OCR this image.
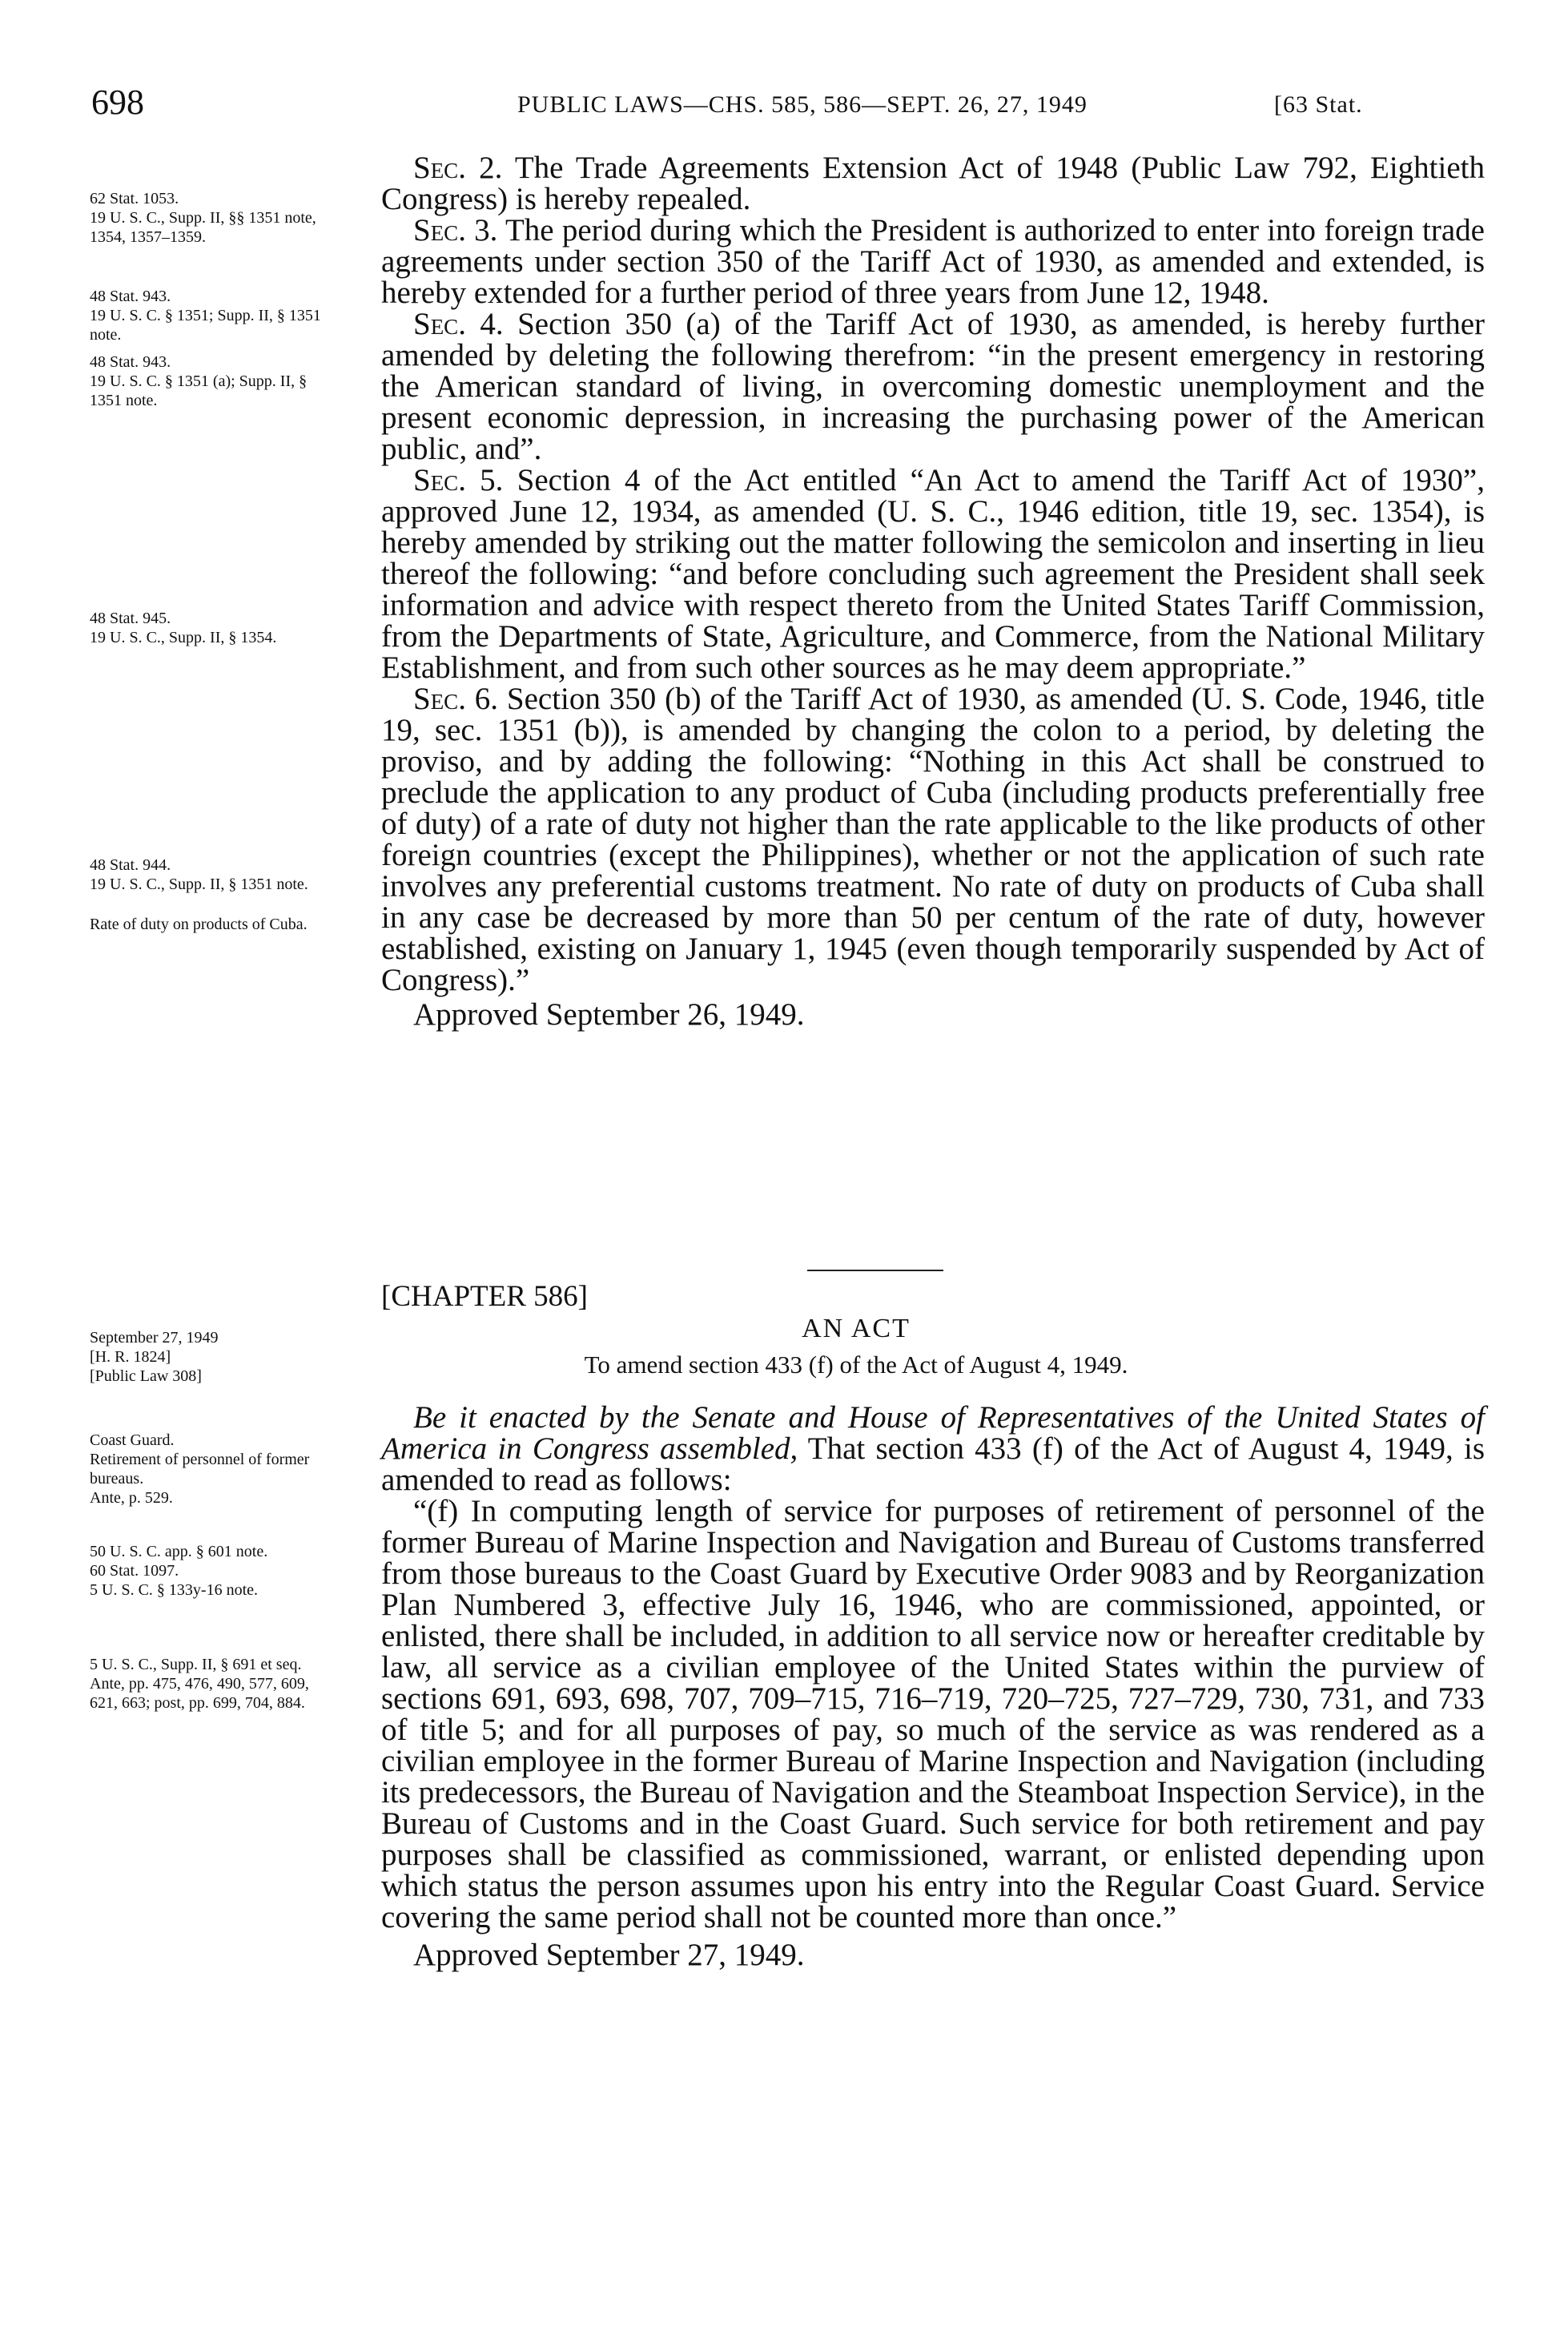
698	PUBLIC LAWS—CHS. 585, 586—SEPT. 26, 27, 1949	[63 Stat.
62 Stat. 1053.
19 U. S. C., Supp. II, §§ 1351 note, 1354, 1357–1359.
48 Stat. 943.
19 U. S. C. § 1351; Supp. II, § 1351 note.
48 Stat. 943.
19 U. S. C. § 1351 (a); Supp. II, § 1351 note.
48 Stat. 945.
19 U. S. C., Supp. II, § 1354.
48 Stat. 944.
19 U. S. C., Supp. II, § 1351 note.
Rate of duty on products of Cuba.
September 27, 1949
[H. R. 1824]
[Public Law 308]
Coast Guard.
Retirement of personnel of former bureaus.
Ante, p. 529.
50 U. S. C. app. § 601 note.
60 Stat. 1097.
5 U. S. C. § 133y-16 note.
5 U. S. C., Supp. II, § 691 et seq.
Ante, pp. 475, 476, 490, 577, 609, 621, 663; post, pp. 699, 704, 884.

Sec. 2. The Trade Agreements Extension Act of 1948 (Public Law 792, Eightieth Congress) is hereby repealed.

Sec. 3. The period during which the President is authorized to enter into foreign trade agreements under section 350 of the Tariff Act of 1930, as amended and extended, is hereby extended for a further period of three years from June 12, 1948.

Sec. 4. Section 350 (a) of the Tariff Act of 1930, as amended, is hereby further amended by deleting the following therefrom: “in the present emergency in restoring the American standard of living, in overcoming domestic unemployment and the present economic depression, in increasing the purchasing power of the American public, and”.

Sec. 5. Section 4 of the Act entitled “An Act to amend the Tariff Act of 1930”, approved June 12, 1934, as amended (U. S. C., 1946 edition, title 19, sec. 1354), is hereby amended by striking out the matter following the semicolon and inserting in lieu thereof the following: “and before concluding such agreement the President shall seek information and advice with respect thereto from the United States Tariff Commission, from the Departments of State, Agriculture, and Commerce, from the National Military Establishment, and from such other sources as he may deem appropriate.”

Sec. 6. Section 350 (b) of the Tariff Act of 1930, as amended (U. S. Code, 1946, title 19, sec. 1351 (b)), is amended by changing the colon to a period, by deleting the proviso, and by adding the following: “Nothing in this Act shall be construed to preclude the application to any product of Cuba (including products preferentially free of duty) of a rate of duty not higher than the rate applicable to the like products of other foreign countries (except the Philippines), whether or not the application of such rate involves any preferential customs treatment. No rate of duty on products of Cuba shall in any case be decreased by more than 50 per centum of the rate of duty, however established, existing on January 1, 1945 (even though temporarily suspended by Act of Congress).”

Approved September 26, 1949.

[CHAPTER 586]
AN ACT
To amend section 433 (f) of the Act of August 4, 1949.

Be it enacted by the Senate and House of Representatives of the United States of America in Congress assembled, That section 433 (f) of the Act of August 4, 1949, is amended to read as follows:

“(f) In computing length of service for purposes of retirement of personnel of the former Bureau of Marine Inspection and Navigation and Bureau of Customs transferred from those bureaus to the Coast Guard by Executive Order 9083 and by Reorganization Plan Numbered 3, effective July 16, 1946, who are commissioned, appointed, or enlisted, there shall be included, in addition to all service now or hereafter creditable by law, all service as a civilian employee of the United States within the purview of sections 691, 693, 698, 707, 709–715, 716–719, 720–725, 727–729, 730, 731, and 733 of title 5; and for all purposes of pay, so much of the service as was rendered as a civilian employee in the former Bureau of Marine Inspection and Navigation (including its predecessors, the Bureau of Navigation and the Steamboat Inspection Service), in the Bureau of Customs and in the Coast Guard. Such service for both retirement and pay purposes shall be classified as commissioned, warrant, or enlisted depending upon which status the person assumes upon his entry into the Regular Coast Guard. Service covering the same period shall not be counted more than once.”

Approved September 27, 1949.
